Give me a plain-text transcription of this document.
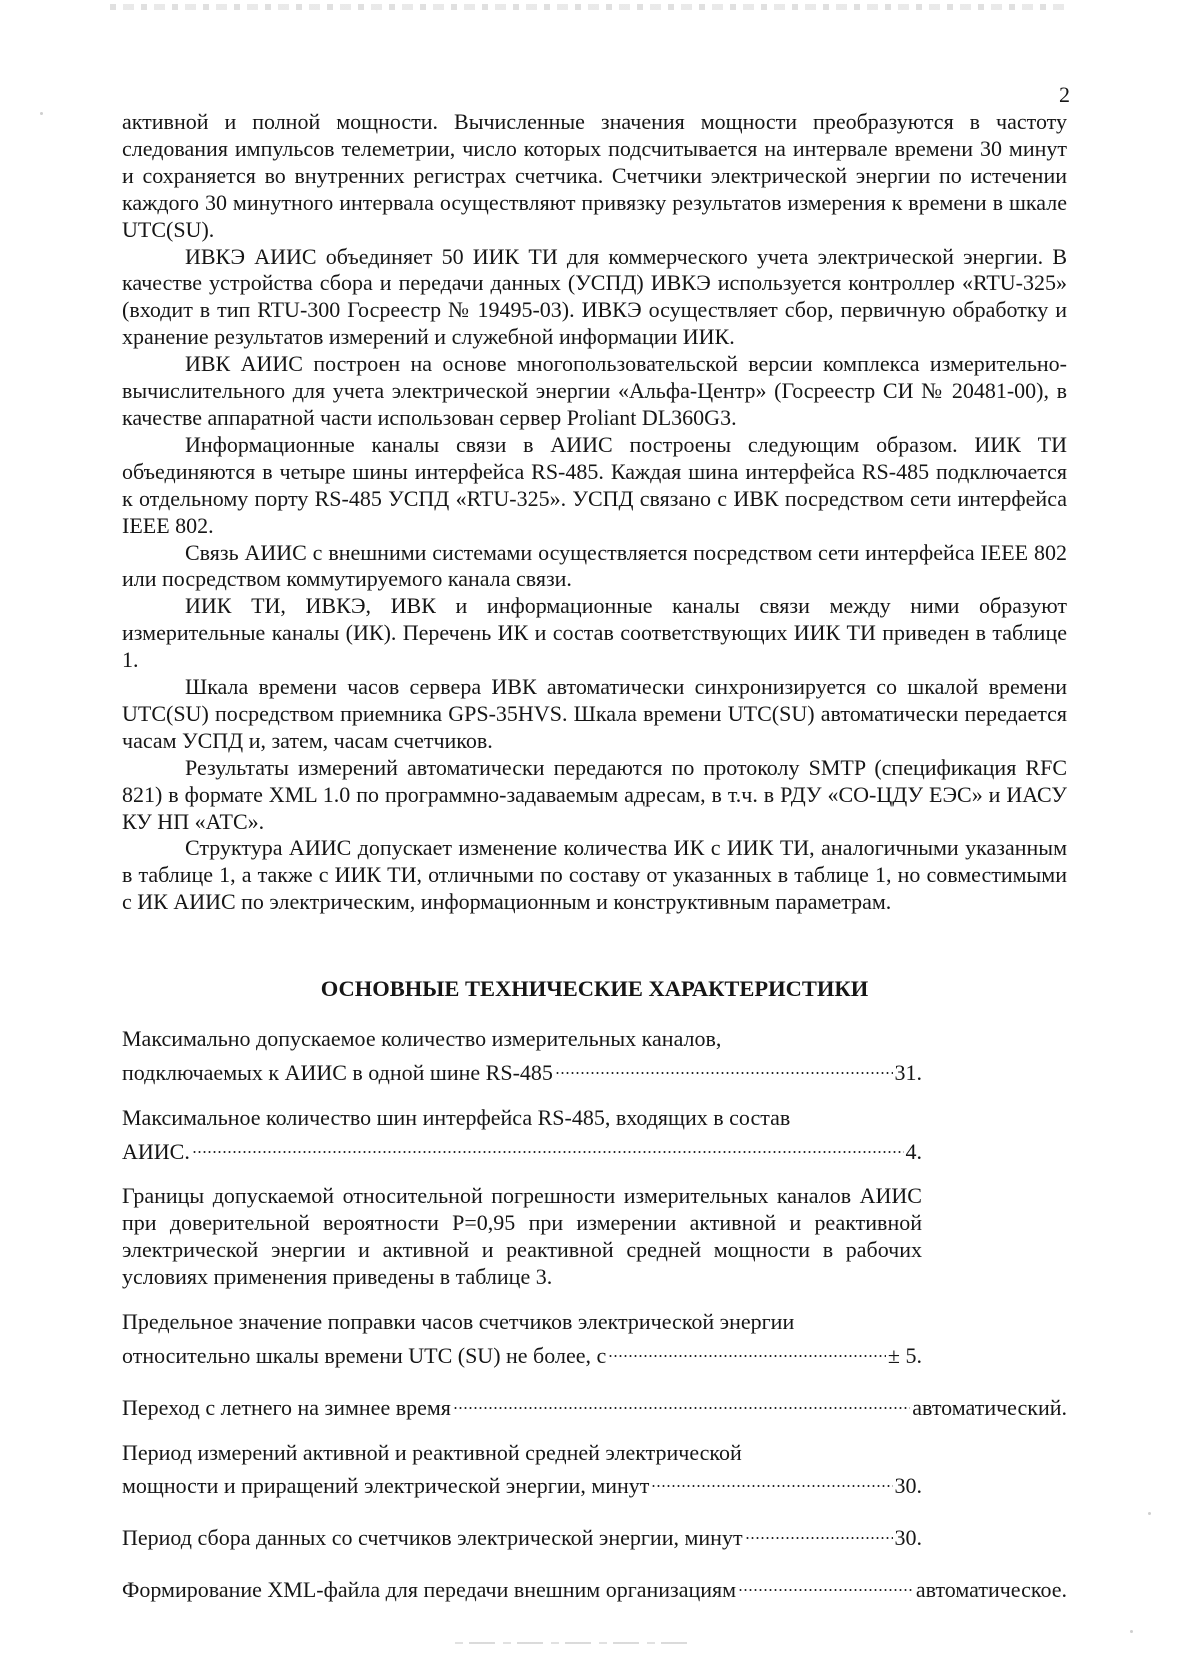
2

активной и полной мощности. Вычисленные значения мощности преобразуются в частоту следования импульсов телеметрии, число которых подсчитывается на интервале времени 30 минут и сохраняется во внутренних регистрах счетчика. Счетчики электрической энергии по истечении каждого 30 минутного интервала осуществляют привязку результатов измерения к времени в шкале UTC(SU).

ИВКЭ АИИС объединяет 50 ИИК ТИ для коммерческого учета электрической энергии. В качестве устройства сбора и передачи данных (УСПД) ИВКЭ используется контроллер «RTU-325» (входит в тип RTU-300 Госреестр № 19495-03). ИВКЭ осуществляет сбор, первичную обработку и хранение результатов измерений и служебной информации ИИК.

ИВК АИИС построен на основе многопользовательской версии комплекса измерительно-вычислительного для учета электрической энергии «Альфа-Центр» (Госреестр СИ № 20481-00), в качестве аппаратной части использован сервер Proliant DL360G3.

Информационные каналы связи в АИИС построены следующим образом. ИИК ТИ объединяются в четыре шины интерфейса RS-485. Каждая шина интерфейса RS-485 подключается к отдельному порту RS-485 УСПД «RTU-325». УСПД связано с ИВК посредством сети интерфейса IEEE 802.

Связь АИИС с внешними системами осуществляется посредством сети интерфейса IEEE 802 или посредством коммутируемого канала связи.

ИИК ТИ, ИВКЭ, ИВК и информационные каналы связи между ними образуют измерительные каналы (ИК). Перечень ИК и состав соответствующих ИИК ТИ приведен в таблице 1.

Шкала времени часов сервера ИВК автоматически синхронизируется со шкалой времени UTC(SU) посредством приемника GPS-35HVS. Шкала времени UTC(SU) автоматически передается часам УСПД и, затем, часам счетчиков.

Результаты измерений автоматически передаются по протоколу SMTP (спецификация RFC 821) в формате XML 1.0 по программно-задаваемым адресам, в т.ч. в РДУ «СО-ЦДУ ЕЭС» и ИАСУ КУ НП «АТС».

Структура АИИС допускает изменение количества ИК с ИИК ТИ, аналогичными указанным в таблице 1, а также с ИИК ТИ, отличными по составу от указанных в таблице 1, но совместимыми с ИК АИИС по электрическим, информационным и конструктивным параметрам.

ОСНОВНЫЕ ТЕХНИЧЕСКИЕ ХАРАКТЕРИСТИКИ
Максимально допускаемое количество измерительных каналов,
подключаемых к АИИС в одной шине RS-485	31.
Максимальное количество шин интерфейса RS-485, входящих в состав
АИИС.	4.
Границы допускаемой относительной погрешности измерительных каналов АИИС при доверительной вероятности Р=0,95 при измерении активной и реактивной электрической энергии и активной и реактивной средней мощности в рабочих условиях применения приведены в таблице 3.
Предельное значение поправки часов счетчиков электрической энергии
относительно шкалы времени UTC (SU) не более, с	± 5.
Переход с летнего на зимнее время	автоматический.
Период измерений активной и реактивной средней электрической
мощности и приращений электрической энергии, минут	30.
Период сбора данных со счетчиков электрической энергии, минут	30.
Формирование XML-файла для передачи внешним организациям	автоматическое.
